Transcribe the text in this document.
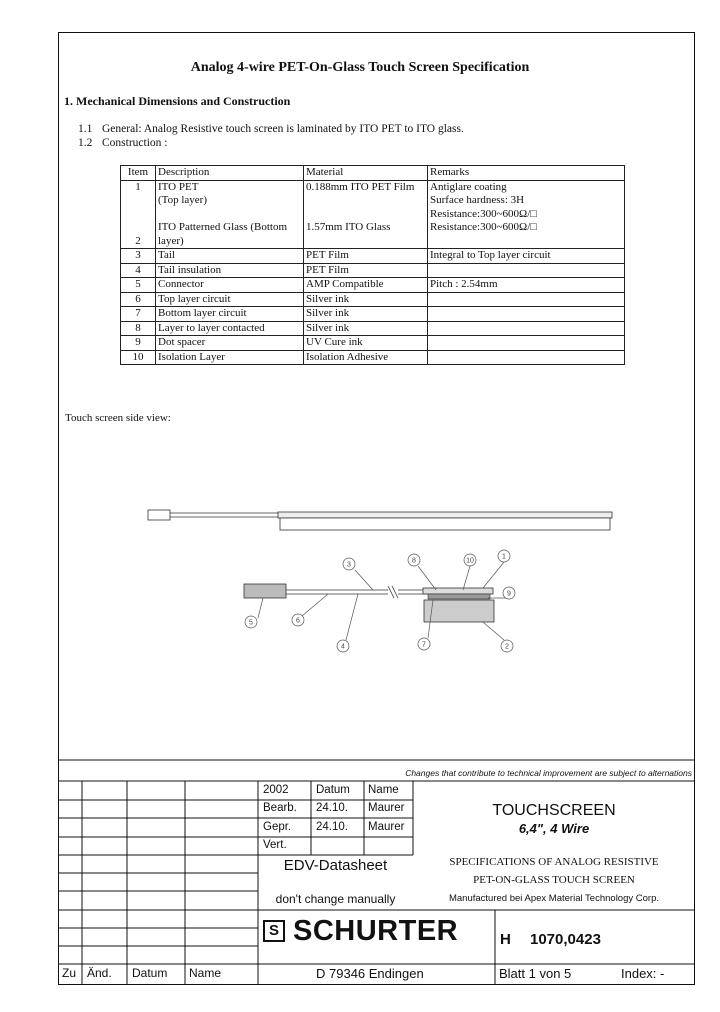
Analog 4-wire PET-On-Glass Touch Screen Specification
1. Mechanical Dimensions and Construction
1.1 General: Analog Resistive touch screen is laminated by ITO PET to ITO glass.
1.2 Construction :
Item	Description	Material	Remarks
1	ITO PET	0.188mm ITO PET Film	Antiglare coating
	(Top layer)		Surface hardness: 3H
			Resistance:300~600Ω/□
	ITO Patterned Glass (Bottom	1.57mm ITO Glass	Resistance:300~600Ω/□
2	layer)		
3	Tail	PET Film	Integral to Top layer circuit
4	Tail insulation	PET Film	
5	Connector	AMP Compatible	Pitch : 2.54mm
6	Top layer circuit	Silver ink	
7	Bottom layer circuit	Silver ink	
8	Layer to layer contacted	Silver ink	
9	Dot spacer	UV Cure ink	
10	Isolation Layer	Isolation Adhesive	
Touch screen side view:
3
8	10
1
9
2
7
4
6
5
Changes that contribute to technical improvement are subject to alternations
2002 Datum Name
Bearb. 24.10. Maurer
Gepr. 24.10. Maurer
Vert.
EDV-Datasheet
don't change manually
TOUCHSCREEN
6,4", 4 Wire
SPECIFICATIONS OF ANALOG RESISTIVE
PET-ON-GLASS TOUCH SCREEN
Manufactured bei Apex Material Technology Corp.
S SCHURTER	H 1070,0423
Zu Änd. Datum Name	D 79346 Endingen	Blatt 1 von 5	Index: -
